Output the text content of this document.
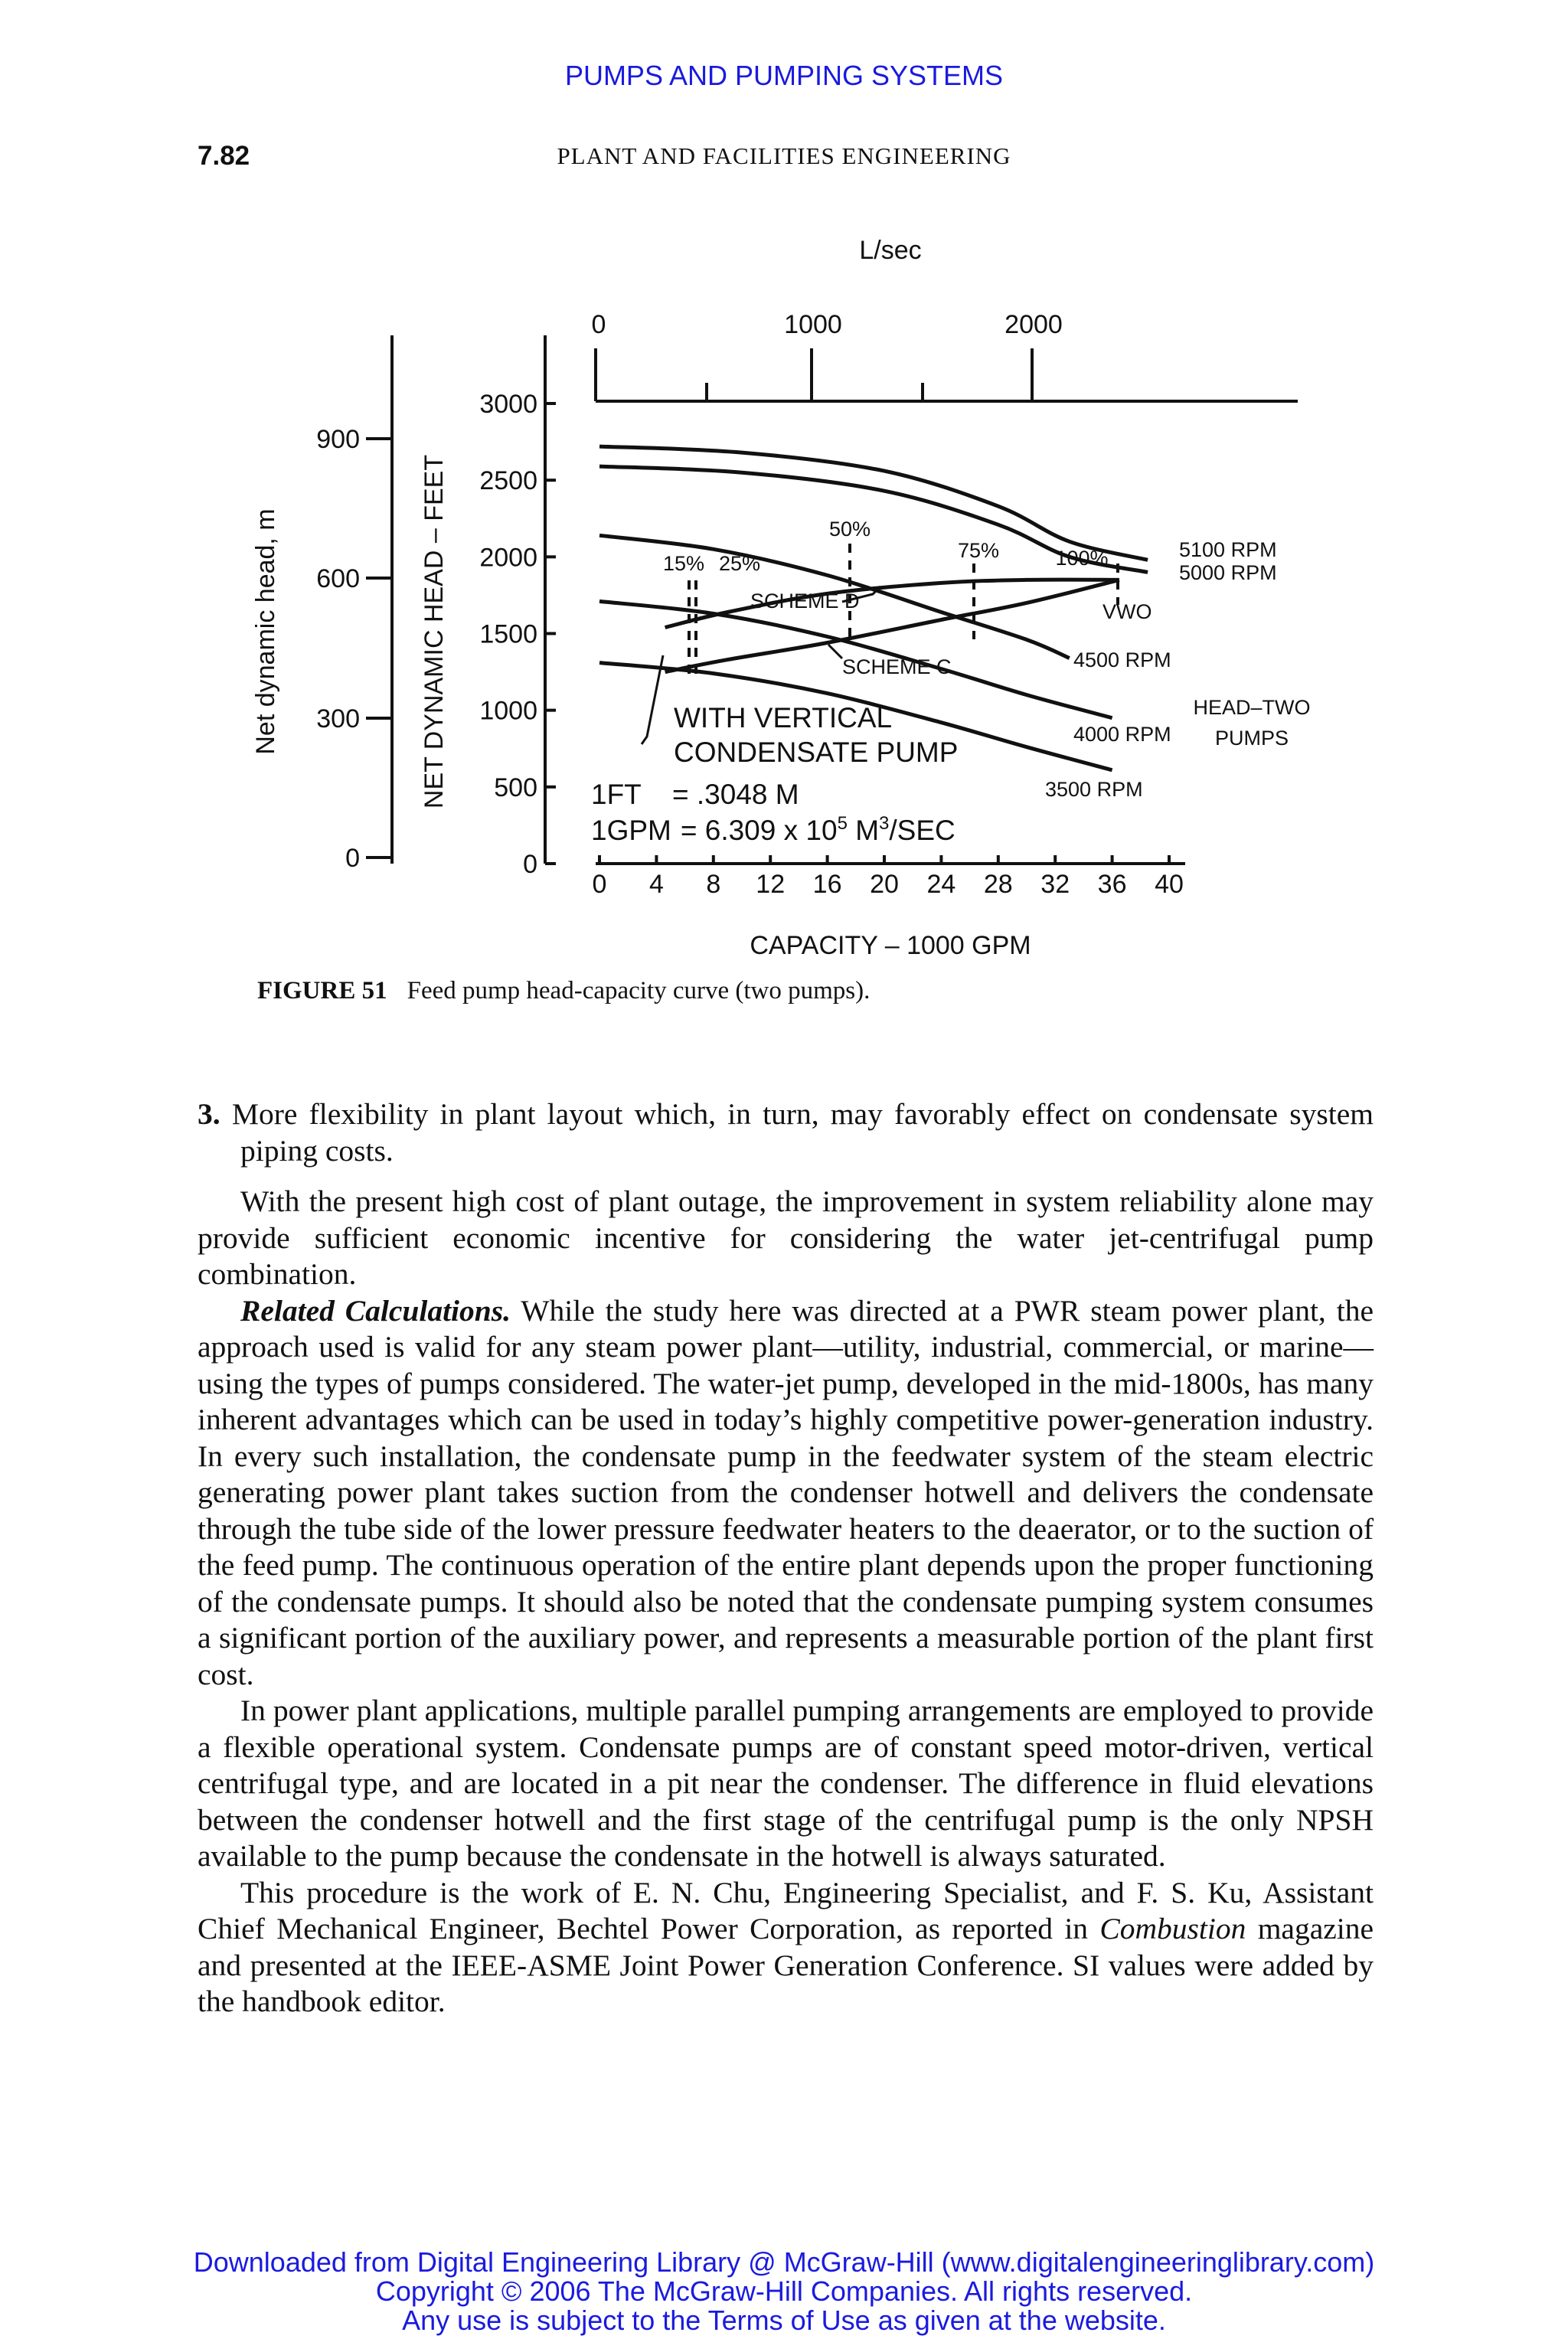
PUMPS AND PUMPING SYSTEMS
7.82	PLANT AND FACILITIES ENGINEERING
L/sec
0	1000	2000
Net dynamic head, m
900
600
300
0
NET DYNAMIC HEAD – FEET
3000
2500
2000
1500
1000
500
0
0 4 8 12 16 20 24 28 32 36 40
CAPACITY – 1000 GPM
15% 25%
50%
75%	100%	5100 RPM
5000 RPM
VWO
4500 RPM
4000 RPM
3500 RPM
HEAD–TWO
PUMPS
SCHEME D
SCHEME C
WITH VERTICAL
CONDENSATE PUMP
1FT = .3048 M
1GPM = 6.309 x $10^5$ $M^3$/SEC
FIGURE 51 Feed pump head-capacity curve (two pumps).

3. More flexibility in plant layout which, in turn, may favorably effect on condensate system piping costs.

With the present high cost of plant outage, the improvement in system reliability alone may provide sufficient economic incentive for considering the water jet-centrifugal pump combination.

Related Calculations. While the study here was directed at a PWR steam power plant, the approach used is valid for any steam power plant—utility, industrial, commercial, or marine—using the types of pumps considered. The water-jet pump, developed in the mid-1800s, has many inherent advantages which can be used in today’s highly competitive power-generation industry. In every such installation, the condensate pump in the feedwater system of the steam electric generating power plant takes suction from the condenser hotwell and delivers the condensate through the tube side of the lower pressure feedwater heaters to the deaerator, or to the suction of the feed pump. The continuous operation of the entire plant depends upon the proper functioning of the condensate pumps. It should also be noted that the condensate pumping system consumes a significant portion of the auxiliary power, and represents a measurable portion of the plant first cost.

In power plant applications, multiple parallel pumping arrangements are employed to provide a flexible operational system. Condensate pumps are of constant speed motor-driven, vertical centrifugal type, and are located in a pit near the condenser. The difference in fluid elevations between the condenser hotwell and the first stage of the centrifugal pump is the only NPSH available to the pump because the condensate in the hotwell is always saturated.

This procedure is the work of E. N. Chu, Engineering Specialist, and F. S. Ku, Assistant Chief Mechanical Engineer, Bechtel Power Corporation, as reported in Combustion magazine and presented at the IEEE-ASME Joint Power Generation Conference. SI values were added by the handbook editor.

Downloaded from Digital Engineering Library @ McGraw-Hill (www.digitalengineeringlibrary.com)
Copyright © 2006 The McGraw-Hill Companies. All rights reserved.
Any use is subject to the Terms of Use as given at the website.
